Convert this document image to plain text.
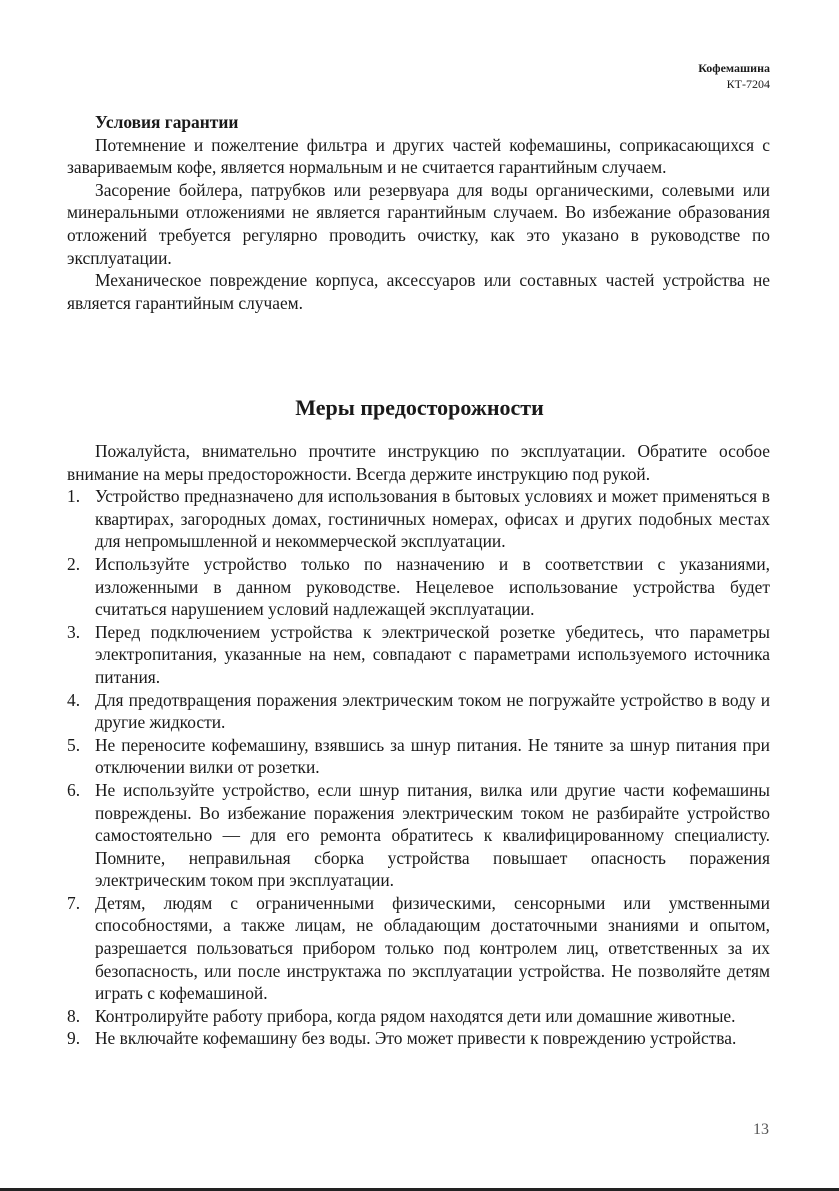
Кофемашина
КТ-7204
Условия гарантии

Потемнение и пожелтение фильтра и других частей кофемашины, соприкасающихся с завариваемым кофе, является нормальным и не считается гарантийным случаем.

Засорение бойлера, патрубков или резервуара для воды органическими, солевыми или минеральными отложениями не является гарантийным случаем. Во избежание образования отложений требуется регулярно проводить очистку, как это указано в руководстве по эксплуатации.

Механическое повреждение корпуса, аксессуаров или составных частей устройства не является гарантийным случаем.

Меры предосторожности

Пожалуйста, внимательно прочтите инструкцию по эксплуатации. Обратите особое внимание на меры предосторожности. Всегда держите инструкцию под рукой.

1. Устройство предназначено для использования в бытовых условиях и может применяться в квартирах, загородных домах, гостиничных номерах, офисах и других подобных местах для непромышленной и некоммерческой эксплуатации.
2. Используйте устройство только по назначению и в соответствии с указаниями, изложенными в данном руководстве. Нецелевое использование устройства будет считаться нарушением условий надлежащей эксплуатации.
3. Перед подключением устройства к электрической розетке убедитесь, что параметры электропитания, указанные на нем, совпадают с параметрами используемого источника питания.
4. Для предотвращения поражения электрическим током не погружайте устройство в воду и другие жидкости.
5. Не переносите кофемашину, взявшись за шнур питания. Не тяните за шнур питания при отключении вилки от розетки.
6. Не используйте устройство, если шнур питания, вилка или другие части кофемашины повреждены. Во избежание поражения электрическим током не разбирайте устройство самостоятельно — для его ремонта обратитесь к квалифицированному специалисту. Помните, неправильная сборка устройства повышает опасность поражения электрическим током при эксплуатации.
7. Детям, людям с ограниченными физическими, сенсорными или умственными способностями, а также лицам, не обладающим достаточными знаниями и опытом, разрешается пользоваться прибором только под контролем лиц, ответственных за их безопасность, или после инструктажа по эксплуатации устройства. Не позволяйте детям играть с кофемашиной.
8. Контролируйте работу прибора, когда рядом находятся дети или домашние животные.
9. Не включайте кофемашину без воды. Это может привести к повреждению устройства.
13
